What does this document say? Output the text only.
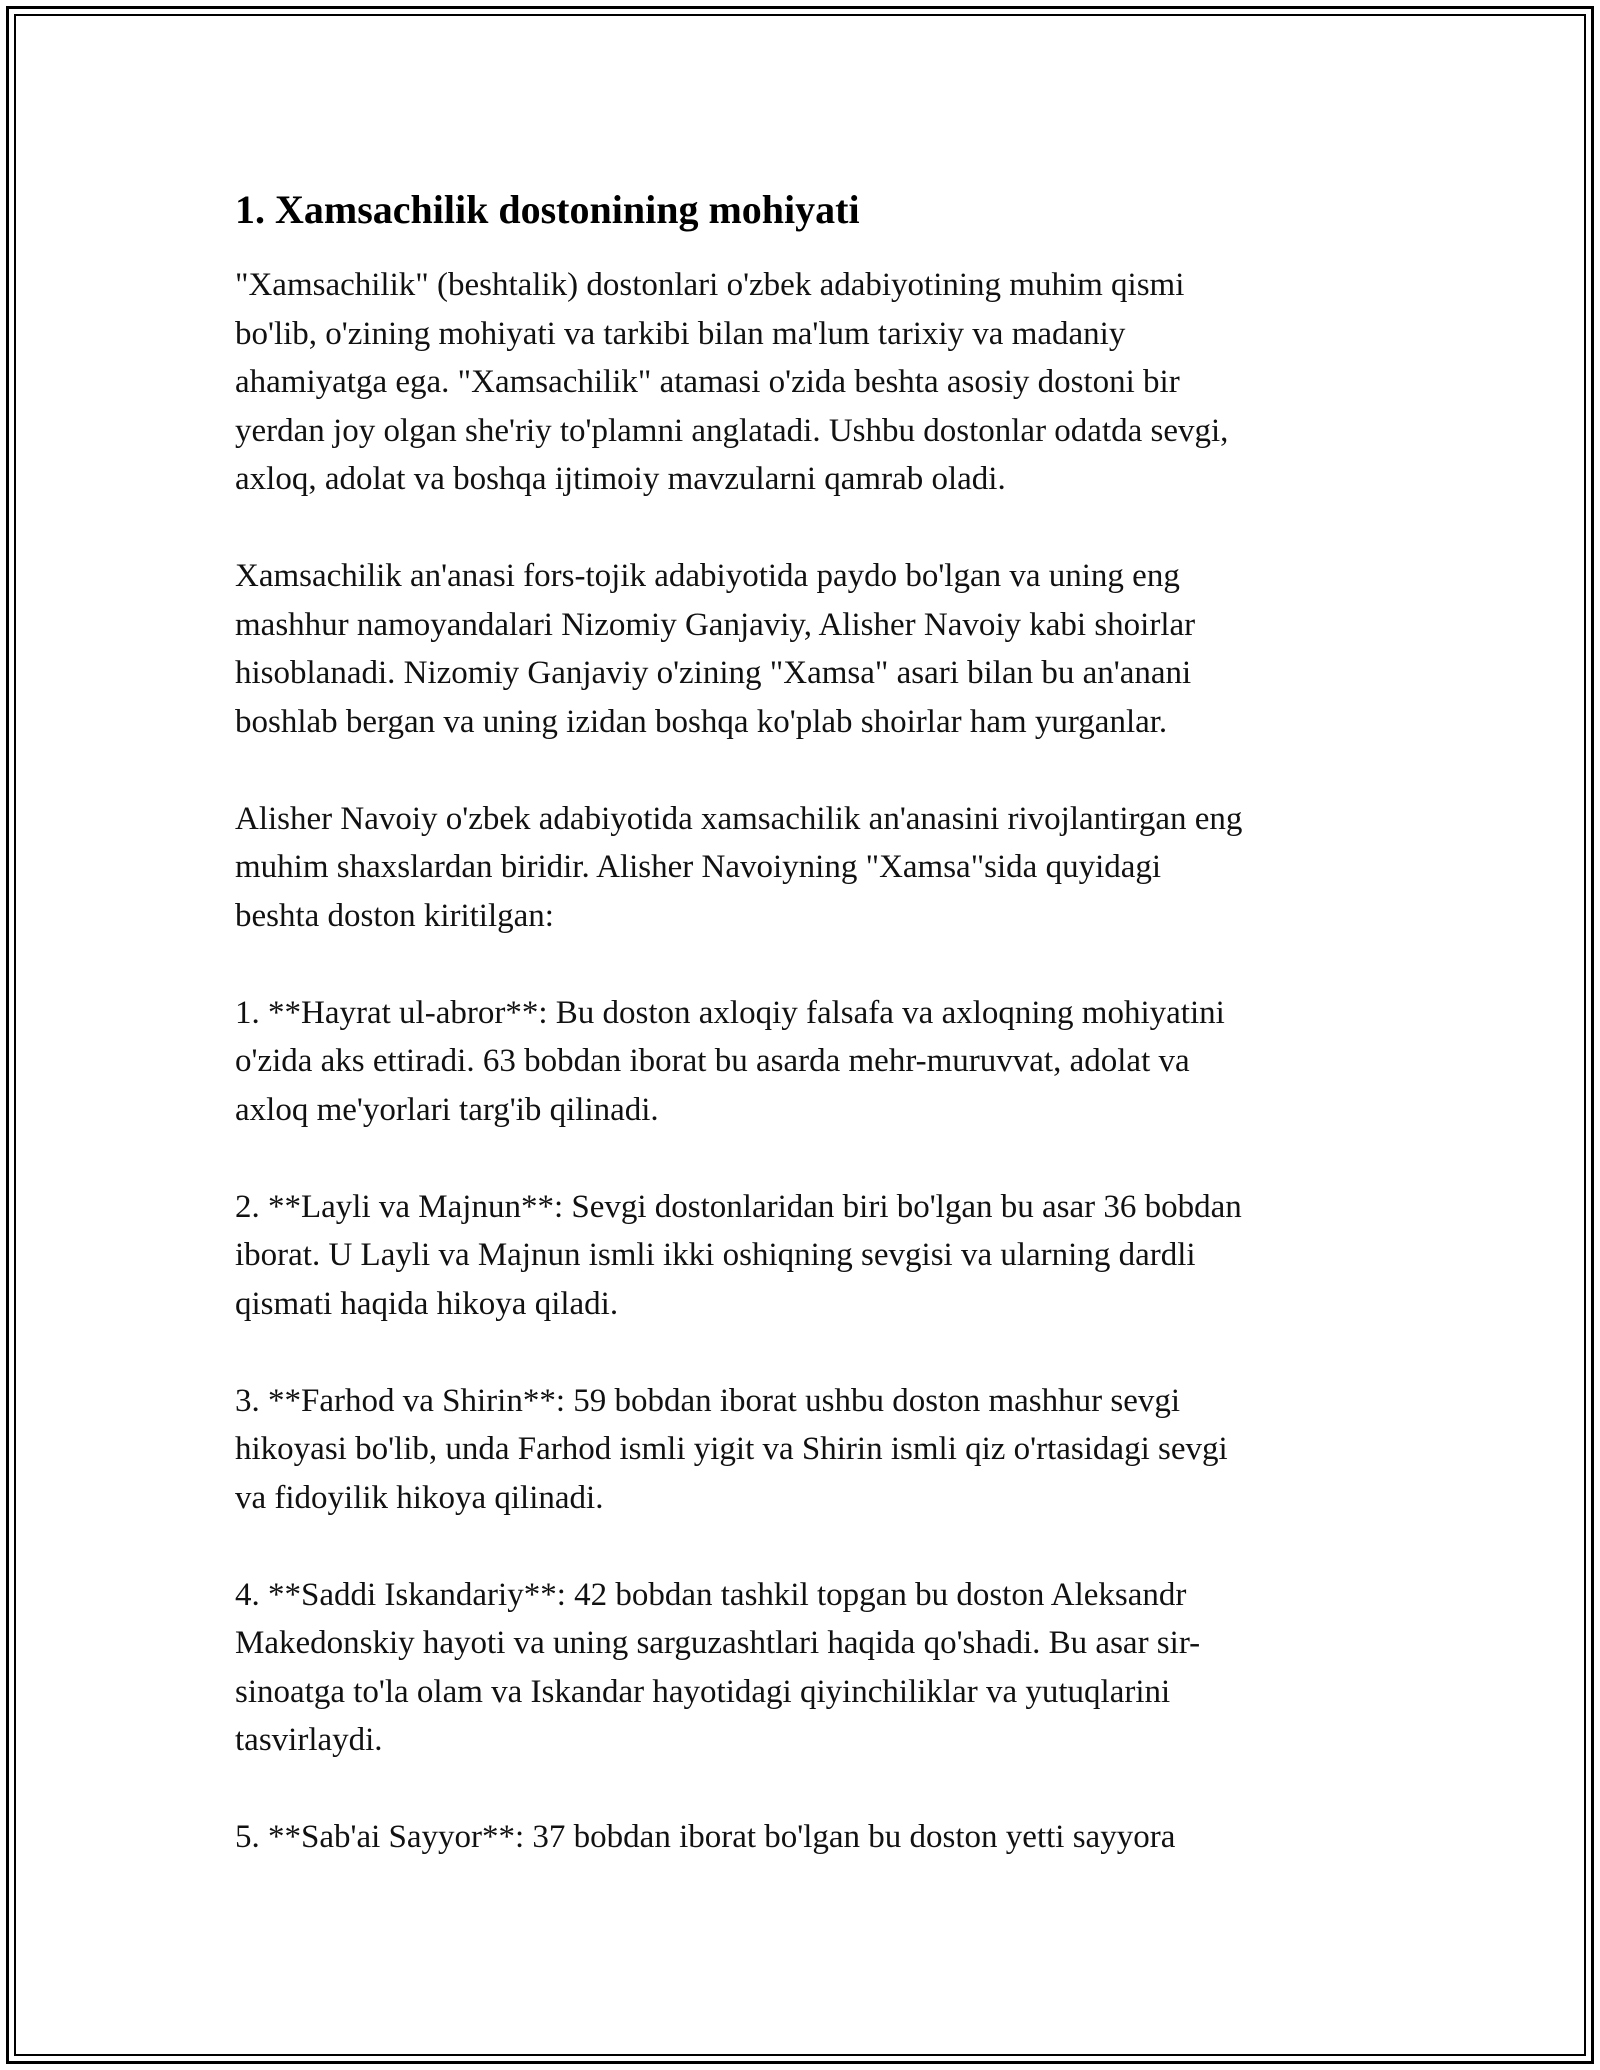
1. Xamsachilik dostonining mohiyati

"Xamsachilik" (beshtalik) dostonlari o'zbek adabiyotining muhim qismi
bo'lib, o'zining mohiyati va tarkibi bilan ma'lum tarixiy va madaniy
ahamiyatga ega. "Xamsachilik" atamasi o'zida beshta asosiy dostoni bir
yerdan joy olgan she'riy to'plamni anglatadi. Ushbu dostonlar odatda sevgi,
axloq, adolat va boshqa ijtimoiy mavzularni qamrab oladi.

Xamsachilik an'anasi fors-tojik adabiyotida paydo bo'lgan va uning eng
mashhur namoyandalari Nizomiy Ganjaviy, Alisher Navoiy kabi shoirlar
hisoblanadi. Nizomiy Ganjaviy o'zining "Xamsa" asari bilan bu an'anani
boshlab bergan va uning izidan boshqa ko'plab shoirlar ham yurganlar.

Alisher Navoiy o'zbek adabiyotida xamsachilik an'anasini rivojlantirgan eng
muhim shaxslardan biridir. Alisher Navoiyning "Xamsa"sida quyidagi
beshta doston kiritilgan:

1. **Hayrat ul-abror**: Bu doston axloqiy falsafa va axloqning mohiyatini
o'zida aks ettiradi. 63 bobdan iborat bu asarda mehr-muruvvat, adolat va
axloq me'yorlari targ'ib qilinadi.

2. **Layli va Majnun**: Sevgi dostonlaridan biri bo'lgan bu asar 36 bobdan
iborat. U Layli va Majnun ismli ikki oshiqning sevgisi va ularning dardli
qismati haqida hikoya qiladi.

3. **Farhod va Shirin**: 59 bobdan iborat ushbu doston mashhur sevgi
hikoyasi bo'lib, unda Farhod ismli yigit va Shirin ismli qiz o'rtasidagi sevgi
va fidoyilik hikoya qilinadi.

4. **Saddi Iskandariy**: 42 bobdan tashkil topgan bu doston Aleksandr
Makedonskiy hayoti va uning sarguzashtlari haqida qo'shadi. Bu asar sir-
sinoatga to'la olam va Iskandar hayotidagi qiyinchiliklar va yutuqlarini
tasvirlaydi.

5. **Sab'ai Sayyor**: 37 bobdan iborat bo'lgan bu doston yetti sayyora
